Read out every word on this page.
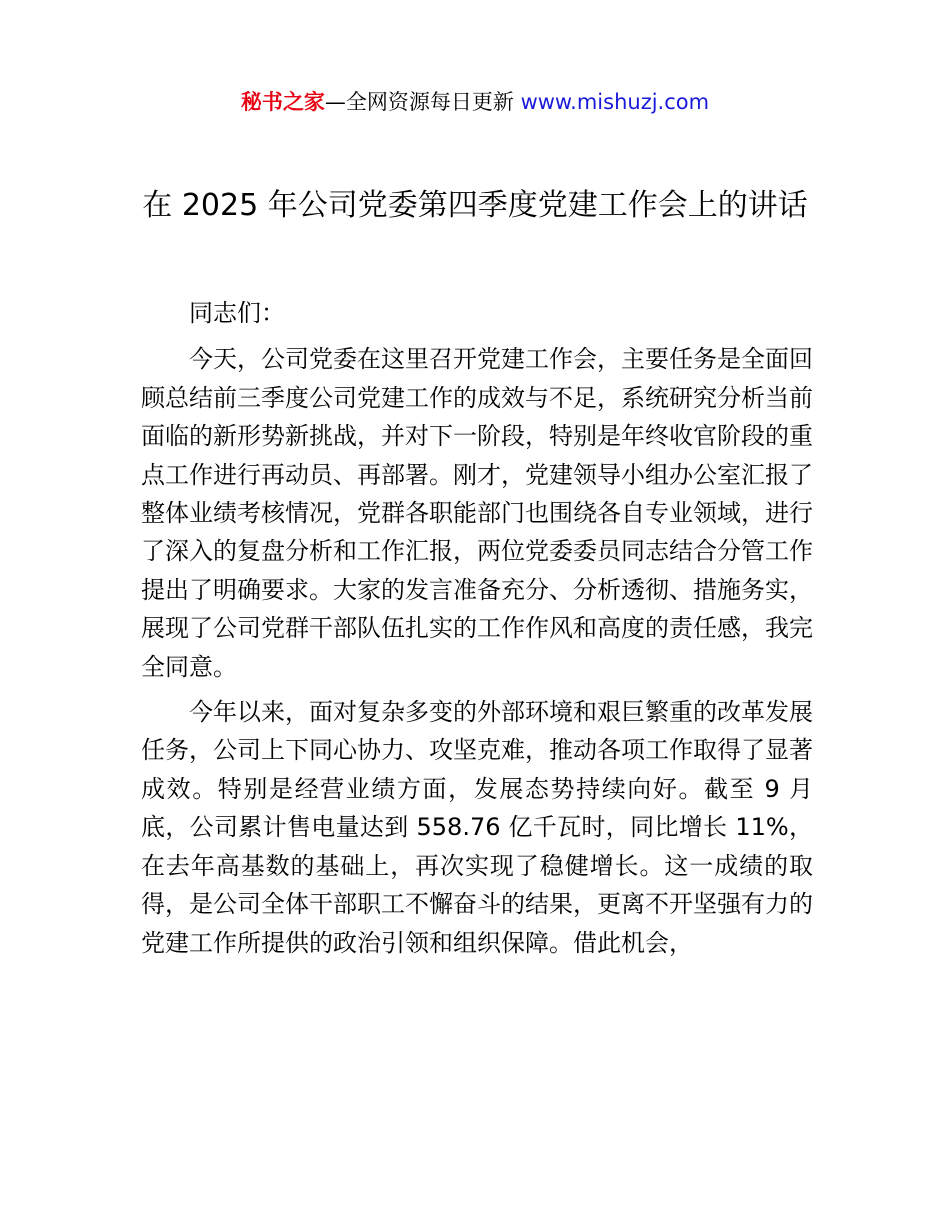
秘书之家—全网资源每日更新 www.mishuzj.com
在 2025 年公司党委第四季度党建工作会上的讲话

同志们：

今天，公司党委在这里召开党建工作会，主要任务是全面回顾总结前三季度公司党建工作的成效与不足，系统研究分析当前面临的新形势新挑战，并对下一阶段，特别是年终收官阶段的重点工作进行再动员、再部署。刚才，党建领导小组办公室汇报了整体业绩考核情况，党群各职能部门也围绕各自专业领域，进行了深入的复盘分析和工作汇报，两位党委委员同志结合分管工作提出了明确要求。大家的发言准备充分、分析透彻、措施务实，展现了公司党群干部队伍扎实的工作作风和高度的责任感，我完全同意。

今年以来，面对复杂多变的外部环境和艰巨繁重的改革发展任务，公司上下同心协力、攻坚克难，推动各项工作取得了显著成效。特别是经营业绩方面，发展态势持续向好。截至 9 月底，公司累计售电量达到 558.76 亿千瓦时，同比增长 11%，在去年高基数的基础上，再次实现了稳健增长。这一成绩的取得，是公司全体干部职工不懈奋斗的结果，更离不开坚强有力的党建工作所提供的政治引领和组织保障。借此机会，
